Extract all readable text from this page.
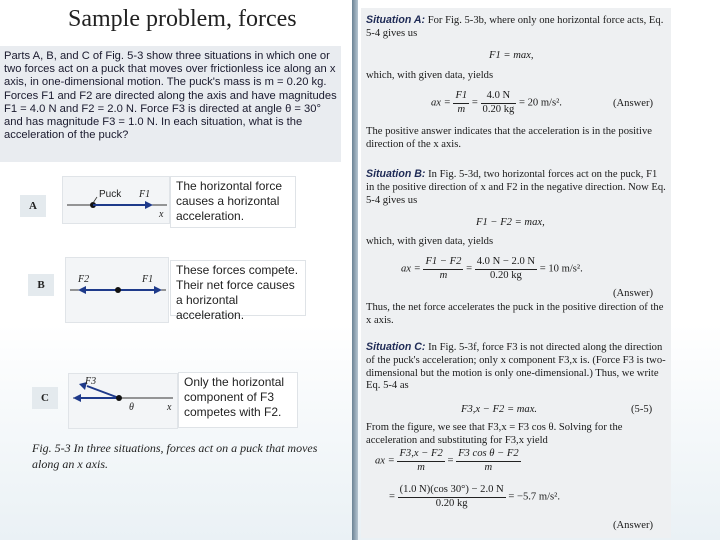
Sample problem, forces

Parts A, B, and C of Fig. 5-3 show three situations in which one or two forces act on a puck that moves over frictionless ice along an x axis, in one-dimensional motion. The puck's mass is m = 0.20 kg. Forces F1 and F2 are directed along the axis and have magnitudes F1 = 4.0 N and F2 = 2.0 N. Force F3 is directed at angle θ = 30° and has magnitude F3 = 1.0 N. In each situation, what is the acceleration of the puck?

A
Puck F1
x
The horizontal force causes a horizontal acceleration.
B	F2	F1
These forces compete. Their net force causes a horizontal acceleration.
C
F3
θ	x
Only the horizontal
component of F3
competes with F2.
Fig. 5-3 In three situations, forces act on a puck that moves along an x axis.
Situation A: For Fig. 5-3b, where only one horizontal force acts, Eq. 5-4 gives us
F1 = max,
which, with given data, yields
ax = $\frac{F1}{m} = \frac{4.0 N}{0.20 kg} = 20$ m/s².	(Answer)
The positive answer indicates that the acceleration is in the positive direction of the x axis.
Situation B: In Fig. 5-3d, two horizontal forces act on the puck, F1 in the positive direction of x and F2 in the negative direction. Now Eq. 5-4 gives us
F1 − F2 = max,
which, with given data, yields
ax = $\frac{F1 - F2}{m} = \frac{4.0 N - 2.0 N}{0.20 kg} = 10$ m/s².
(Answer)
Thus, the net force accelerates the puck in the positive direction of the x axis.
Situation C: In Fig. 5-3f, force F3 is not directed along the direction of the puck's acceleration; only x component F3,x is. (Force F3 is two-dimensional but the motion is only one-dimensional.) Thus, we write Eq. 5-4 as
F3,x − F2 = max.	(5-5)
From the figure, we see that F3,x = F3 cos θ. Solving for the acceleration and substituting for F3,x yield
ax = $\frac{F3,x - F2}{m} = \frac{\text{F3 cos θ − F2}}{m}$
= $\frac{(1.0 N)(\cos 30^\circ) - 2.0 N}{0.20 kg} = -5.7$ m/s².
(Answer)
